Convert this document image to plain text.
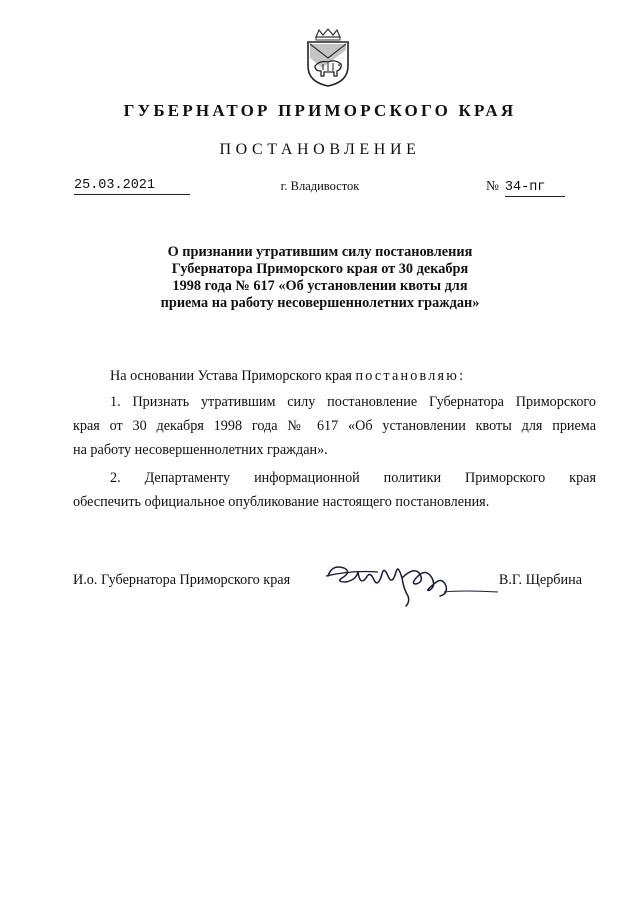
ГУБЕРНАТОР ПРИМОРСКОГО КРАЯ
ПОСТАНОВЛЕНИЕ
25.03.2021	г. Владивосток	№ 34-пг
О признании утратившим силу постановления
Губернатора Приморского края от 30 декабря
1998 года № 617 «Об установлении квоты для
приема на работу несовершеннолетних граждан»
На основании Устава Приморского края постановляю:
1. Признать утратившим силу постановление Губернатора Приморского
края от 30 декабря 1998 года № 617 «Об установлении квоты для приема
на работу несовершеннолетних граждан».
2. Департаменту информационной политики Приморского края
обеспечить официальное опубликование настоящего постановления.
И.о. Губернатора Приморского края	В.Г. Щербина
